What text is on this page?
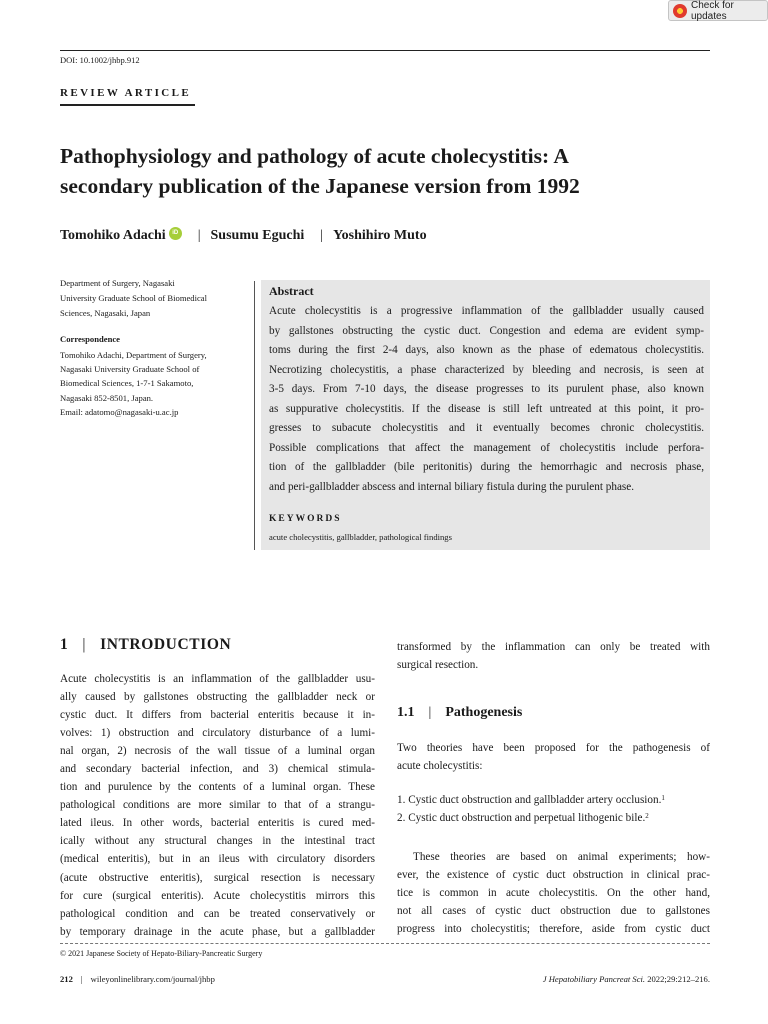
Check for updates
DOI: 10.1002/jhbp.912
REVIEW ARTICLE
Pathophysiology and pathology of acute cholecystitis: A
secondary publication of the Japanese version from 1992
Tomohiko Adachi	iD | Susumu Eguchi | Yoshihiro Muto
Department of Surgery, Nagasaki
University Graduate School of Biomedical
Sciences, Nagasaki, Japan
Correspondence
Tomohiko Adachi, Department of Surgery,
Nagasaki University Graduate School of
Biomedical Sciences, 1-7-1 Sakamoto,
Nagasaki 852-8501, Japan.
Email: adatomo@nagasaki-u.ac.jp
Abstract
Acute cholecystitis is a progressive inflammation of the gallbladder usually caused
by gallstones obstructing the cystic duct. Congestion and edema are evident symp-
toms during the first 2-4 days, also known as the phase of edematous cholecystitis.
Necrotizing cholecystitis, a phase characterized by bleeding and necrosis, is seen at
3-5 days. From 7-10 days, the disease progresses to its purulent phase, also known
as suppurative cholecystitis. If the disease is still left untreated at this point, it pro-
gresses to subacute cholecystitis and it eventually becomes chronic cholecystitis.
Possible complications that affect the management of cholecystitis include perfora-
tion of the gallbladder (bile peritonitis) during the hemorrhagic and necrosis phase,
and peri-gallbladder abscess and internal biliary fistula during the purulent phase.
KEYWORDS
acute cholecystitis, gallbladder, pathological findings
1 | INTRODUCTION
Acute cholecystitis is an inflammation of the gallbladder usu-
ally caused by gallstones obstructing the gallbladder neck or
cystic duct. It differs from bacterial enteritis because it in-
volves: 1) obstruction and circulatory disturbance of a lumi-
nal organ, 2) necrosis of the wall tissue of a luminal organ
and secondary bacterial infection, and 3) chemical stimula-
tion and purulence by the contents of a luminal organ. These
pathological conditions are more similar to that of a strangu-
lated ileus. In other words, bacterial enteritis is cured med-
ically without any structural changes in the intestinal tract
(medical enteritis), but in an ileus with circulatory disorders
(acute obstructive enteritis), surgical resection is necessary
for cure (surgical enteritis). Acute cholecystitis mirrors this
pathological condition and can be treated conservatively or
by temporary drainage in the acute phase, but a gallbladder
transformed by the inflammation can only be treated with
surgical resection.
1.1 | Pathogenesis
Two theories have been proposed for the pathogenesis of
acute cholecystitis:
1. Cystic duct obstruction and gallbladder artery occlusion.$^1$
2. Cystic duct obstruction and perpetual lithogenic bile.$^2$
These theories are based on animal experiments; how-
ever, the existence of cystic duct obstruction in clinical prac-
tice is common in acute cholecystitis. On the other hand,
not all cases of cystic duct obstruction due to gallstones
progress into cholecystitis; therefore, aside from cystic duct
© 2021 Japanese Society of Hepato-Biliary-Pancreatic Surgery
212 | wileyonlinelibrary.com/journal/jhbp	J Hepatobiliary Pancreat Sci. 2022;29:212–216.
